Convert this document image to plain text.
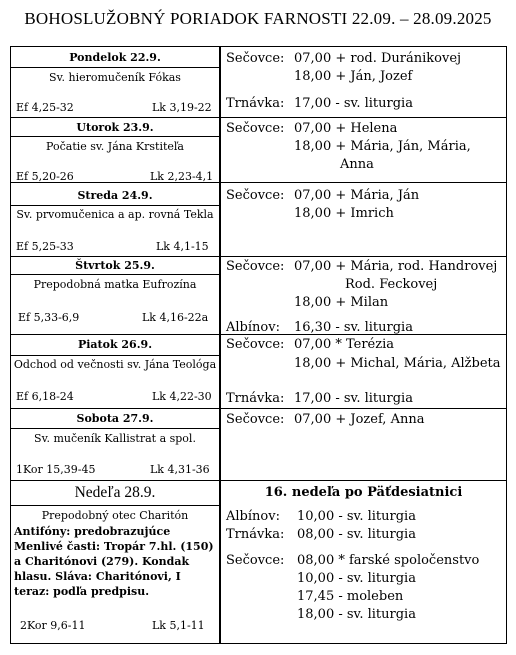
BOHOSLUŽOBNÝ PORIADOK FARNOSTI 22.09. – 28.09.2025
Pondelok 22.9.
Sv. hieromučeník Fókas
Ef 4,25-32	Lk 3,19-22
Sečovce: 07,00 + rod. Duránikovej
18,00 + Ján, Jozef
Trnávka: 17,00 - sv. liturgia
Utorok 23.9.
Počatie sv. Jána Krstiteľa
Ef 5,20-26	Lk 2,23-4,1
Sečovce: 07,00 + Helena
18,00 + Mária, Ján, Mária,
Anna
Streda 24.9.
Sv. prvomučenica a ap. rovná Tekla
Ef 5,25-33	Lk 4,1-15
Sečovce: 07,00 + Mária, Ján
18,00 + Imrich
Štvrtok 25.9.
Prepodobná matka Eufrozína
Ef 5,33-6,9	Lk 4,16-22a
Sečovce: 07,00 + Mária, rod. Handrovej
Rod. Feckovej
18,00 + Milan
Albínov: 16,30 - sv. liturgia
Piatok 26.9.
Odchod od večnosti sv. Jána Teológa
Ef 6,18-24	Lk 4,22-30
Sečovce: 07,00 * Terézia
18,00 + Michal, Mária, Alžbeta
Trnávka: 17,00 - sv. liturgia
Sobota 27.9.
Sv. mučeník Kallistrat a spol.
1Kor 15,39-45	Lk 4,31-36
Sečovce: 07,00 + Jozef, Anna
Nedeľa 28.9.	16. nedeľa po Päťdesiatnici
Prepodobný otec Charitón
Antifóny: predobrazujúce Menlivé časti: Tropár 7.hl. (150) a Charitónovi (279). Kondak hlasu. Sláva: Charitónovi, I teraz: podľa predpisu.
2Kor 9,6-11	Lk 5,1-11
Albínov: 10,00 - sv. liturgia
Trnávka: 08,00 - sv. liturgia
Sečovce: 08,00 * farské spoločenstvo
10,00 - sv. liturgia
17,45 - moleben
18,00 - sv. liturgia
